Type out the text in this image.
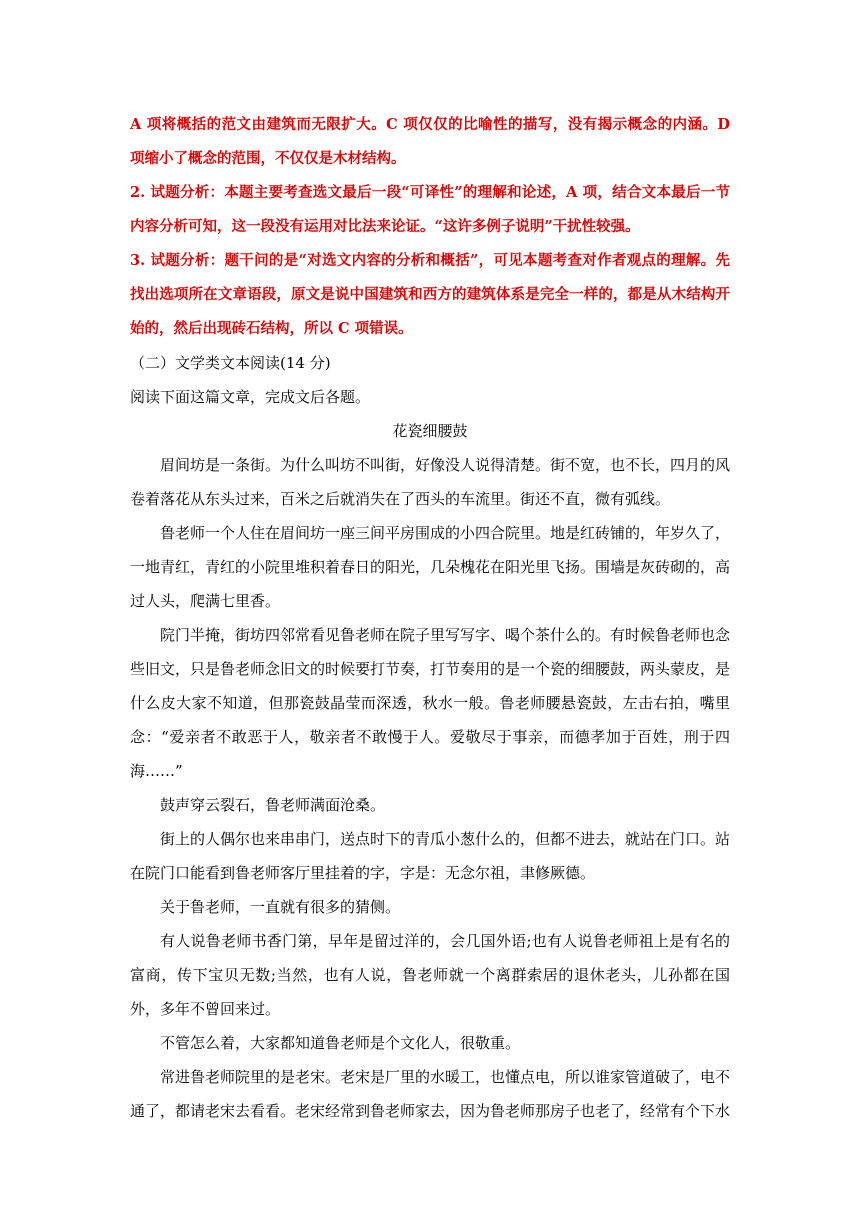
A 项将概括的范文由建筑而无限扩大。C 项仅仅的比喻性的描写，没有揭示概念的内涵。D 项缩小了概念的范围，不仅仅是木材结构。

2. 试题分析：本题主要考查选文最后一段“可译性”的理解和论述，A 项，结合文本最后一节内容分析可知，这一段没有运用对比法来论证。“这许多例子说明”干扰性较强。

3. 试题分析：题干问的是“对选文内容的分析和概括”，可见本题考查对作者观点的理解。先找出选项所在文章语段，原文是说中国建筑和西方的建筑体系是完全一样的，都是从木结构开始的，然后出现砖石结构，所以 C 项错误。

（二）文学类文本阅读(14 分)

阅读下面这篇文章，完成文后各题。

花瓷细腰鼓

眉间坊是一条街。为什么叫坊不叫街，好像没人说得清楚。街不宽，也不长，四月的风卷着落花从东头过来，百米之后就消失在了西头的车流里。街还不直，微有弧线。

鲁老师一个人住在眉间坊一座三间平房围成的小四合院里。地是红砖铺的，年岁久了，一地青红，青红的小院里堆积着春日的阳光，几朵槐花在阳光里飞扬。围墙是灰砖砌的，高过人头，爬满七里香。

院门半掩，街坊四邻常看见鲁老师在院子里写写字、喝个茶什么的。有时候鲁老师也念些旧文，只是鲁老师念旧文的时候要打节奏，打节奏用的是一个瓷的细腰鼓，两头蒙皮，是什么皮大家不知道，但那瓷鼓晶莹而深透，秋水一般。鲁老师腰悬瓷鼓，左击右拍，嘴里念：“爱亲者不敢恶于人，敬亲者不敢慢于人。爱敬尽于事亲，而德孝加于百姓，刑于四海……”

鼓声穿云裂石，鲁老师满面沧桑。

街上的人偶尔也来串串门，送点时下的青瓜小葱什么的，但都不进去，就站在门口。站在院门口能看到鲁老师客厅里挂着的字，字是：无念尔祖，聿修厥德。

关于鲁老师，一直就有很多的猜侧。

有人说鲁老师书香门第，早年是留过洋的，会几国外语;也有人说鲁老师祖上是有名的富商，传下宝贝无数;当然，也有人说，鲁老师就一个离群索居的退休老头，儿孙都在国外，多年不曾回来过。

不管怎么着，大家都知道鲁老师是个文化人，很敬重。

常进鲁老师院里的是老宋。老宋是厂里的水暖工，也懂点电，所以谁家管道破了，电不通了，都请老宋去看看。老宋经常到鲁老师家去，因为鲁老师那房子也老了，经常有个下水
